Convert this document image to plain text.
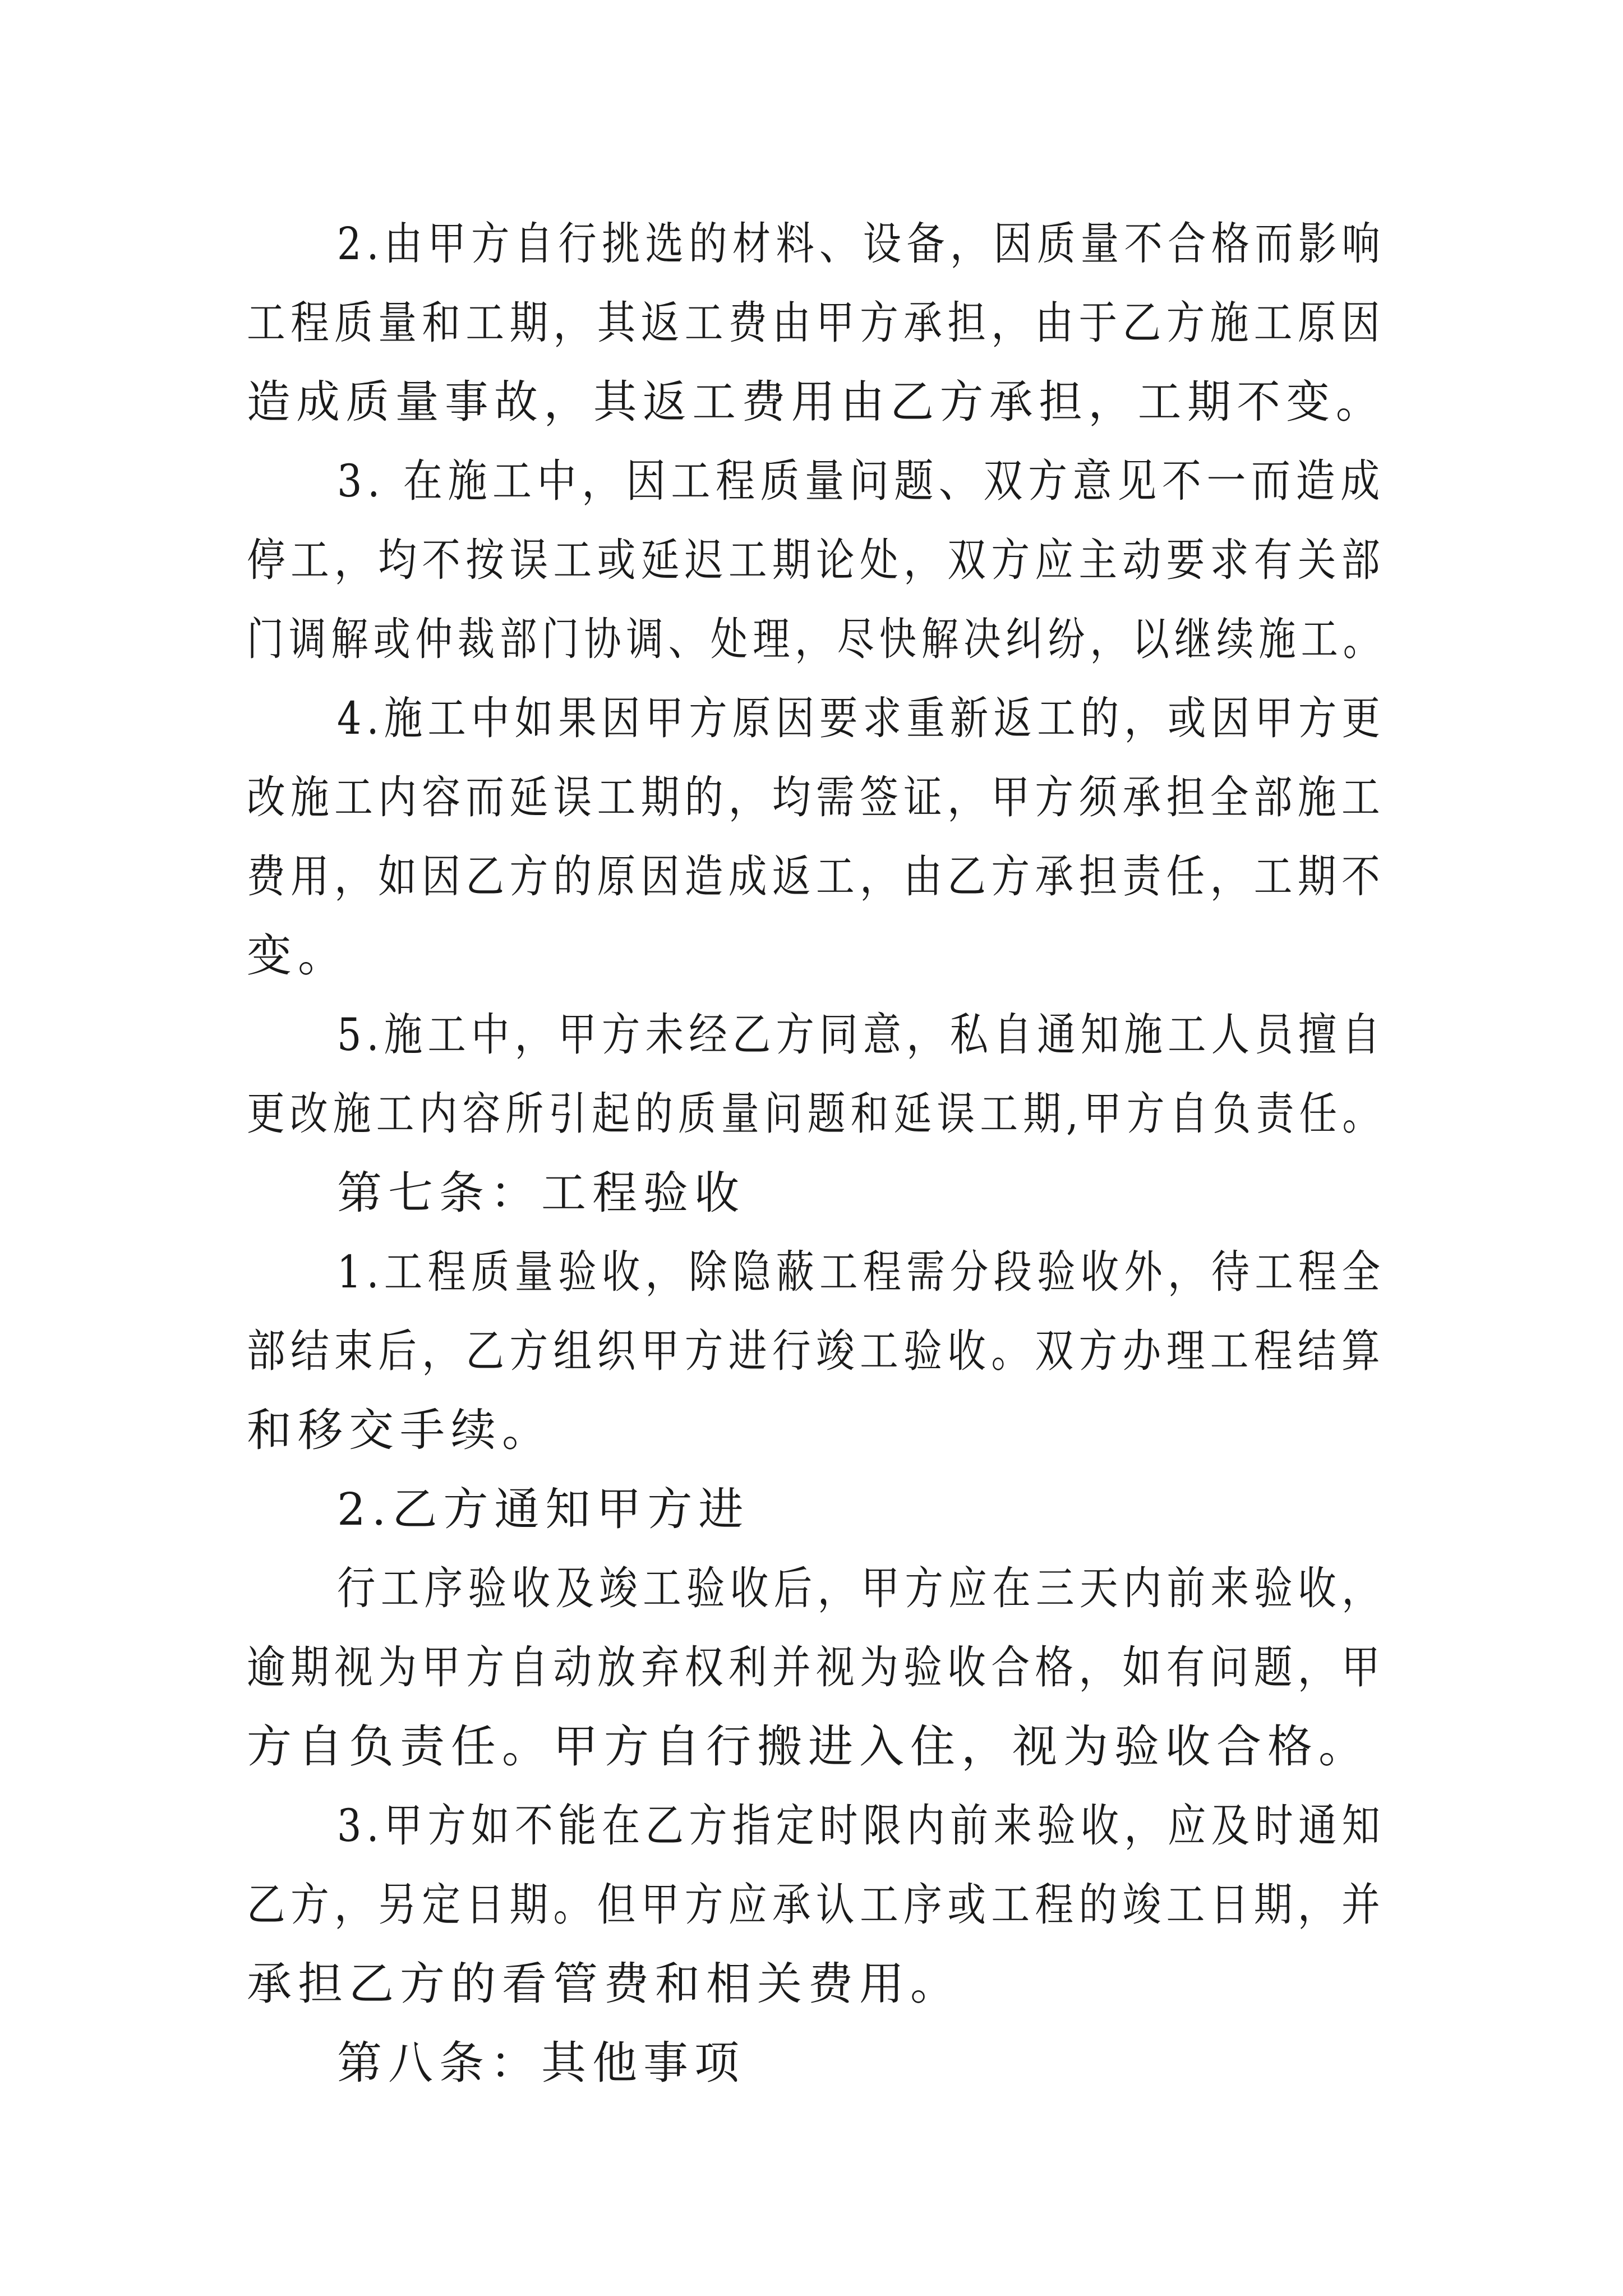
2.由甲方自行挑选的材料、设备，因质量不合格而影响
工程质量和工期，其返工费由甲方承担，由于乙方施工原因
造成质量事故，其返工费用由乙方承担，工期不变。
3. 在施工中，因工程质量问题、双方意见不一而造成
停工，均不按误工或延迟工期论处，双方应主动要求有关部
门调解或仲裁部门协调、处理，尽快解决纠纷，以继续施工。
4.施工中如果因甲方原因要求重新返工的，或因甲方更
改施工内容而延误工期的，均需签证，甲方须承担全部施工
费用，如因乙方的原因造成返工，由乙方承担责任，工期不
变。
5.施工中，甲方未经乙方同意，私自通知施工人员擅自
更改施工内容所引起的质量问题和延误工期,甲方自负责任。
第七条：工程验收
1.工程质量验收，除隐蔽工程需分段验收外，待工程全
部结束后，乙方组织甲方进行竣工验收。双方办理工程结算
和移交手续。
2.乙方通知甲方进
行工序验收及竣工验收后，甲方应在三天内前来验收，
逾期视为甲方自动放弃权利并视为验收合格，如有问题，甲
方自负责任。甲方自行搬进入住，视为验收合格。
3.甲方如不能在乙方指定时限内前来验收，应及时通知
乙方，另定日期。但甲方应承认工序或工程的竣工日期，并
承担乙方的看管费和相关费用。
第八条：其他事项
